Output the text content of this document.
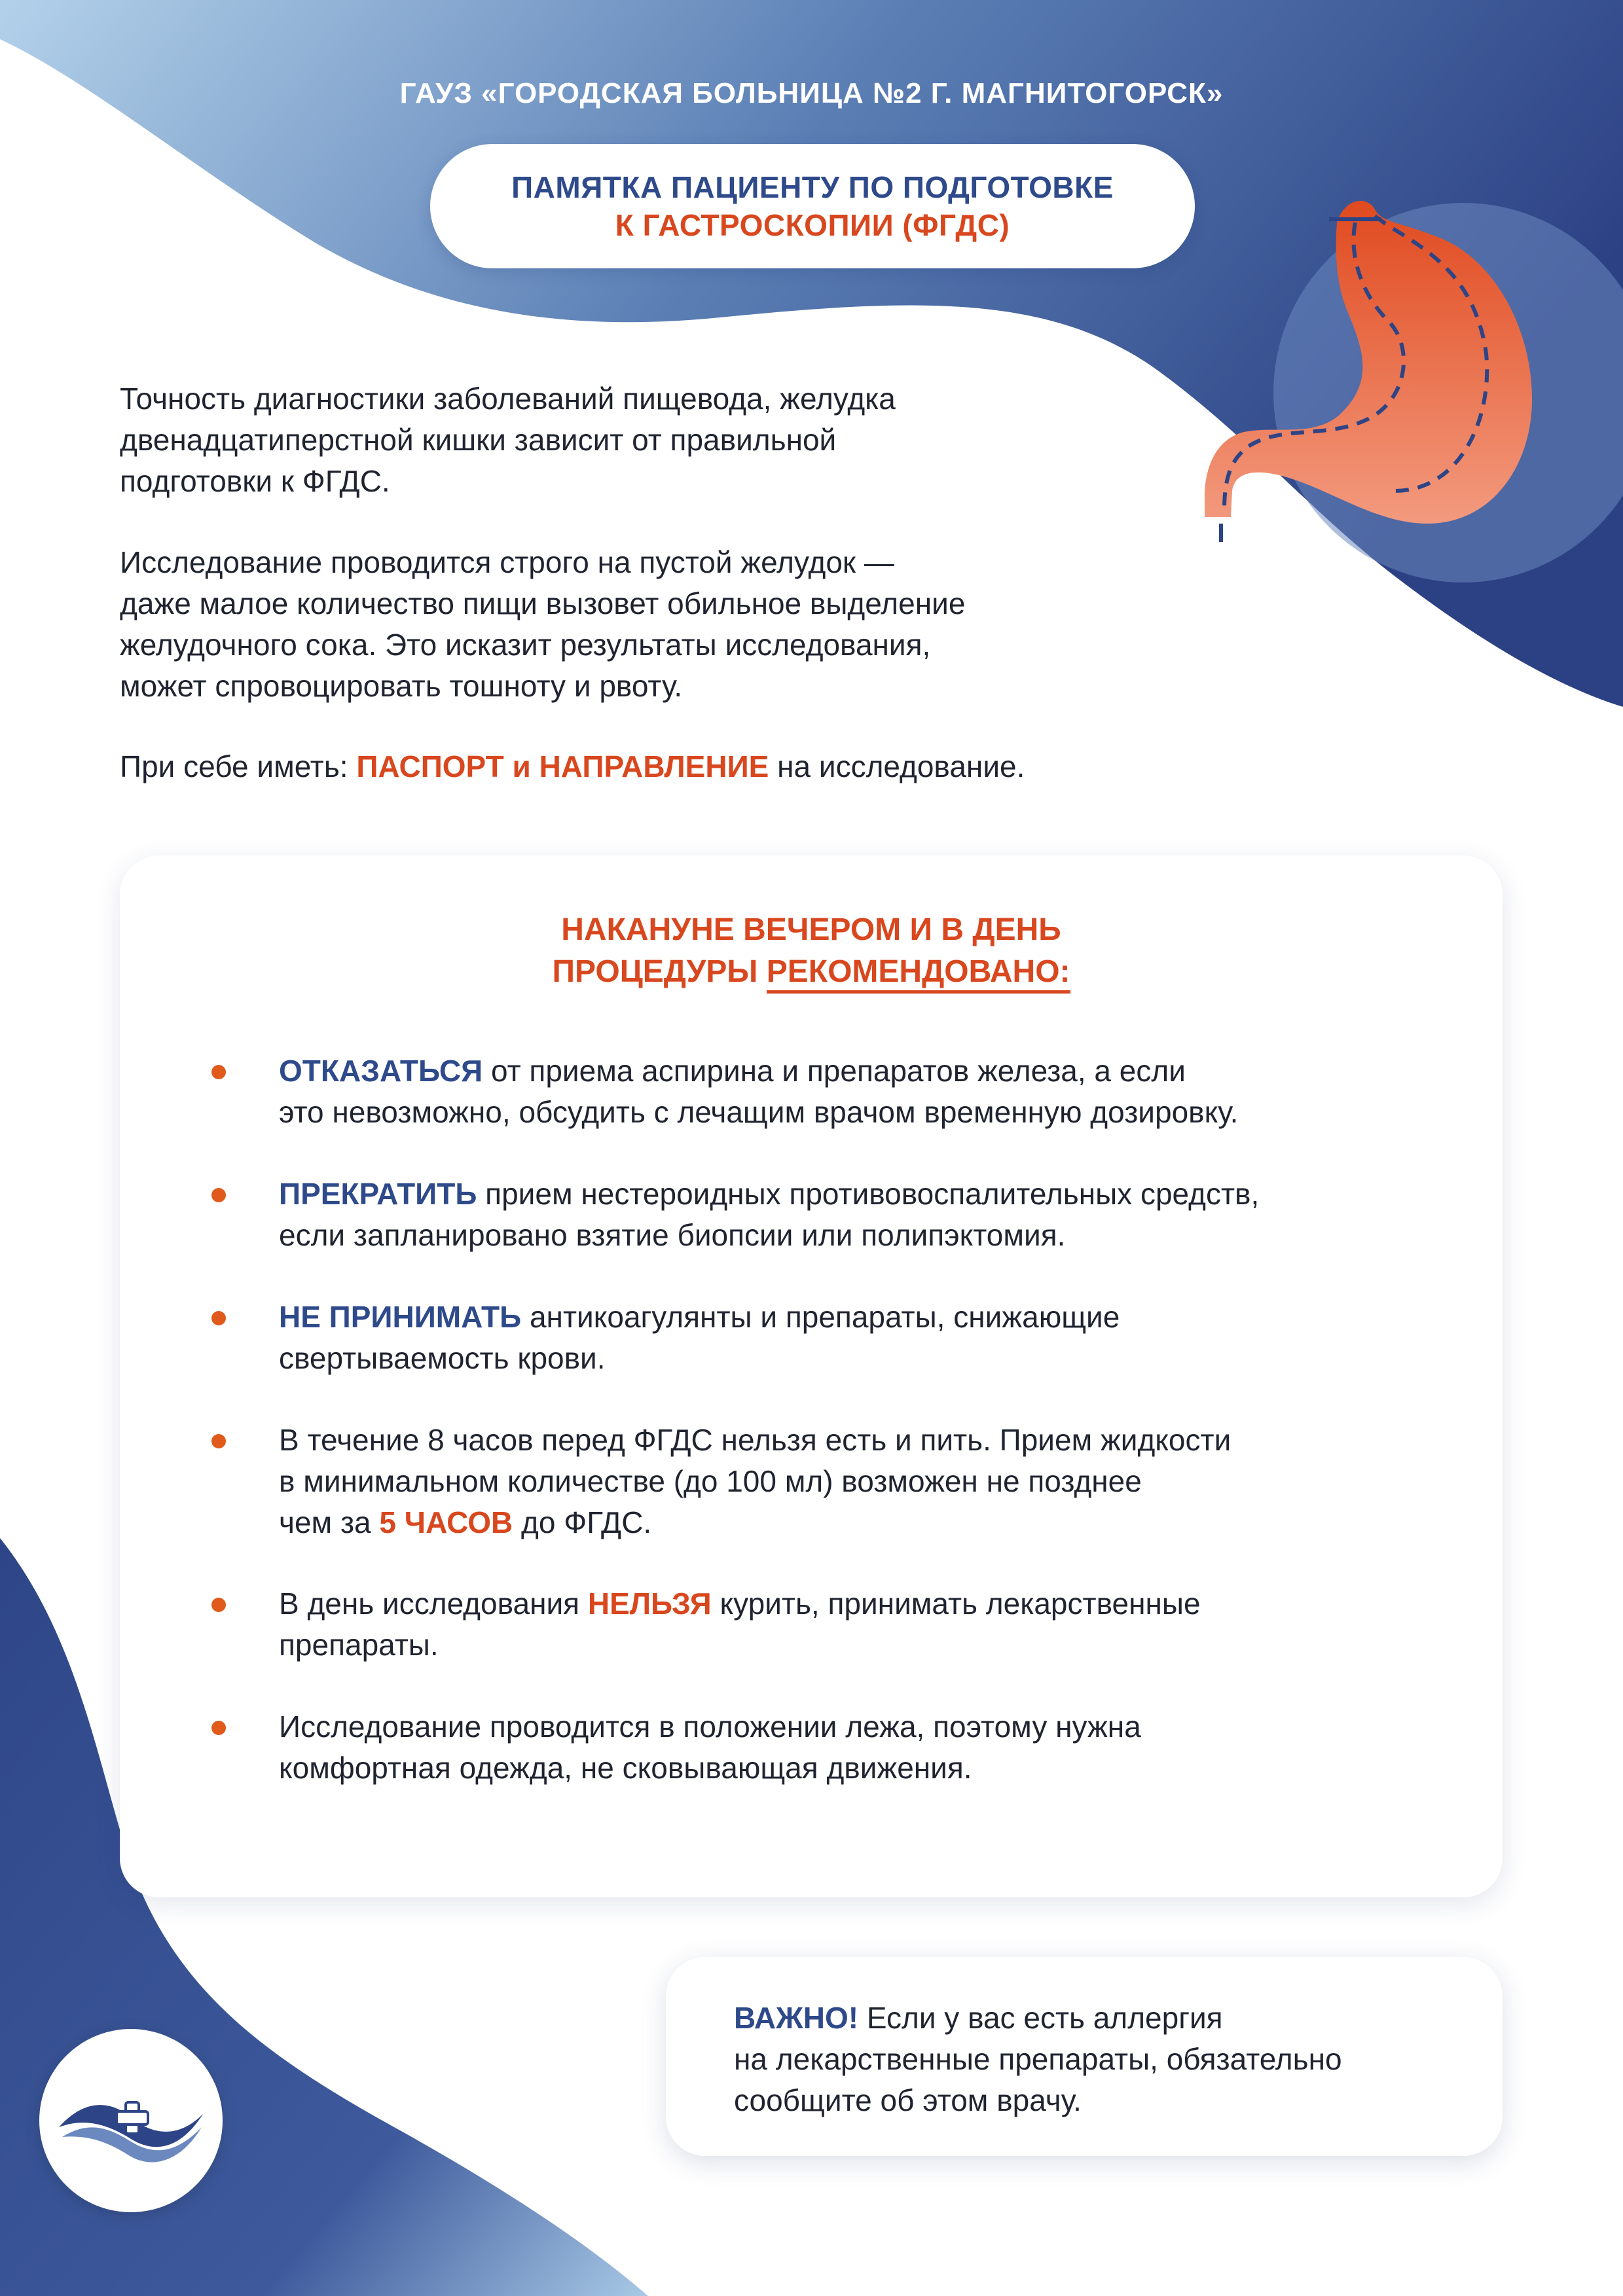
ГАУЗ «ГОРОДСКАЯ БОЛЬНИЦА №2 Г. МАГНИТОГОРСК»
ПАМЯТКА ПАЦИЕНТУ ПО ПОДГОТОВКЕ
К ГАСТРОСКОПИИ (ФГДС)

Точность диагностики заболеваний пищевода, желудка

двенадцатиперстной кишки зависит от правильной

подготовки к ФГДС.

Исследование проводится строго на пустой желудок —

даже малое количество пищи вызовет обильное выделение

желудочного сока. Это исказит результаты исследования,

может спровоцировать тошноту и рвоту.

При себе иметь: ПАСПОРТ и НАПРАВЛЕНИЕ на исследование.

НАКАНУНЕ ВЕЧЕРОМ И В ДЕНЬ
ПРОЦЕДУРЫ РЕКОМЕНДОВАНО:
ОТКАЗАТЬСЯ от приема аспирина и препаратов железа, а если
это невозможно, обсудить с лечащим врачом временную дозировку.
ПРЕКРАТИТЬ прием нестероидных противовоспалительных средств,
если запланировано взятие биопсии или полипэктомия.
НЕ ПРИНИМАТЬ антикоагулянты и препараты, снижающие
свертываемость крови.
В течение 8 часов перед ФГДС нельзя есть и пить. Прием жидкости
в минимальном количестве (до 100 мл) возможен не позднее
чем за 5 ЧАСОВ до ФГДС.
В день исследования НЕЛЬЗЯ курить, принимать лекарственные
препараты.
Исследование проводится в положении лежа, поэтому нужна
комфортная одежда, не сковывающая движения.
ВАЖНО! Если у вас есть аллергия
на лекарственные препараты, обязательно
сообщите об этом врачу.
